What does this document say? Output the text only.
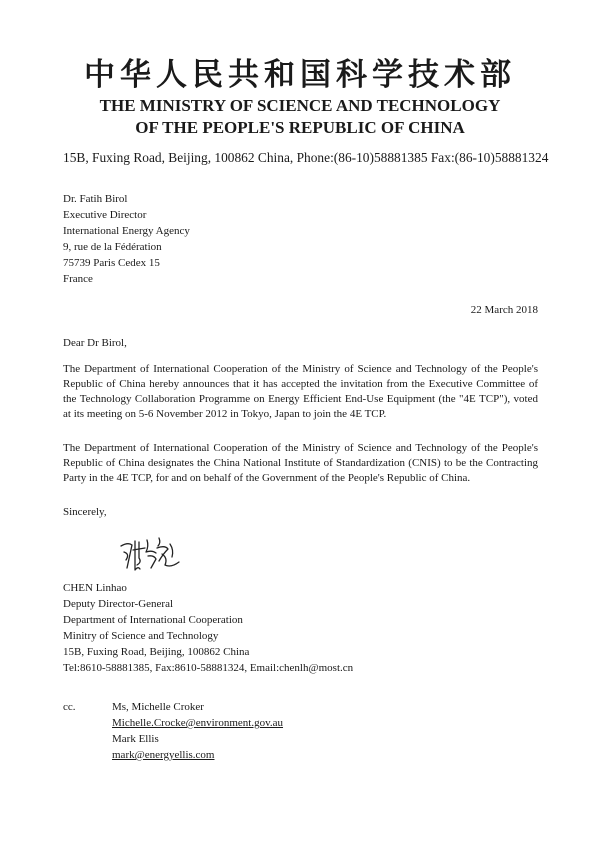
中华人民共和国科学技术部
THE MINISTRY OF SCIENCE AND TECHNOLOGY
OF THE PEOPLE'S REPUBLIC OF CHINA
15B, Fuxing Road, Beijing, 100862 China, Phone:(86-10)58881385 Fax:(86-10)58881324
Dr. Fatih Birol
Executive Director
International Energy Agency
9, rue de la Fédération
75739 Paris Cedex 15
France
22 March 2018
Dear Dr Birol,
The Department of International Cooperation of the Ministry of Science and Technology of the People's Republic of China hereby announces that it has accepted the invitation from the Executive Committee of the Technology Collaboration Programme on Energy Efficient End-Use Equipment (the "4E TCP"), voted at its meeting on 5-6 November 2012 in Tokyo, Japan to join the 4E TCP.
The Department of International Cooperation of the Ministry of Science and Technology of the People's Republic of China designates the China National Institute of Standardization (CNIS) to be the Contracting Party in the 4E TCP, for and on behalf of the Government of the People's Republic of China.
Sincerely,
CHEN Linhao
Deputy Director-General
Department of International Cooperation
Minitry of Science and Technology
15B, Fuxing Road, Beijing, 100862 China
Tel:8610-58881385, Fax:8610-58881324, Email:chenlh@most.cn
cc.	Ms, Michelle Croker
Michelle.Crocke@environment.gov.au
Mark Ellis
mark@energyellis.com
